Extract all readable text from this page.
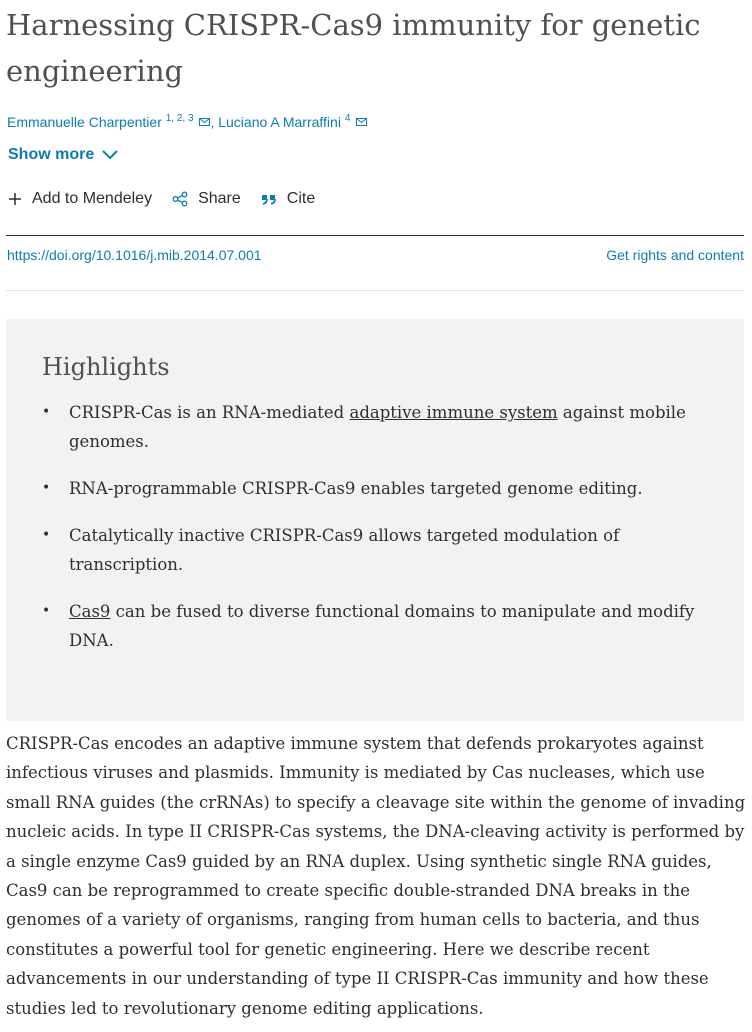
Harnessing CRISPR-Cas9 immunity for genetic engineering
Emmanuelle Charpentier $^{1, 2, 3}$ , Luciano A Marraffini $^4$
Show more
Add to Mendeley	Share	Cite
https://doi.org/10.1016/j.mib.2014.07.001	Get rights and content
Highlights
• CRISPR-Cas is an RNA-mediated adaptive immune system against mobile genomes.
• RNA-programmable CRISPR-Cas9 enables targeted genome editing.
• Catalytically inactive CRISPR-Cas9 allows targeted modulation of transcription.
• Cas9 can be fused to diverse functional domains to manipulate and modify DNA.

CRISPR-Cas encodes an adaptive immune system that defends prokaryotes against infectious viruses and plasmids. Immunity is mediated by Cas nucleases, which use small RNA guides (the crRNAs) to specify a cleavage site within the genome of invading nucleic acids. In type II CRISPR-Cas systems, the DNA-cleaving activity is performed by a single enzyme Cas9 guided by an RNA duplex. Using synthetic single RNA guides, Cas9 can be reprogrammed to create specific double-stranded DNA breaks in the genomes of a variety of organisms, ranging from human cells to bacteria, and thus constitutes a powerful tool for genetic engineering. Here we describe recent advancements in our understanding of type II CRISPR-Cas immunity and how these studies led to revolutionary genome editing applications.
